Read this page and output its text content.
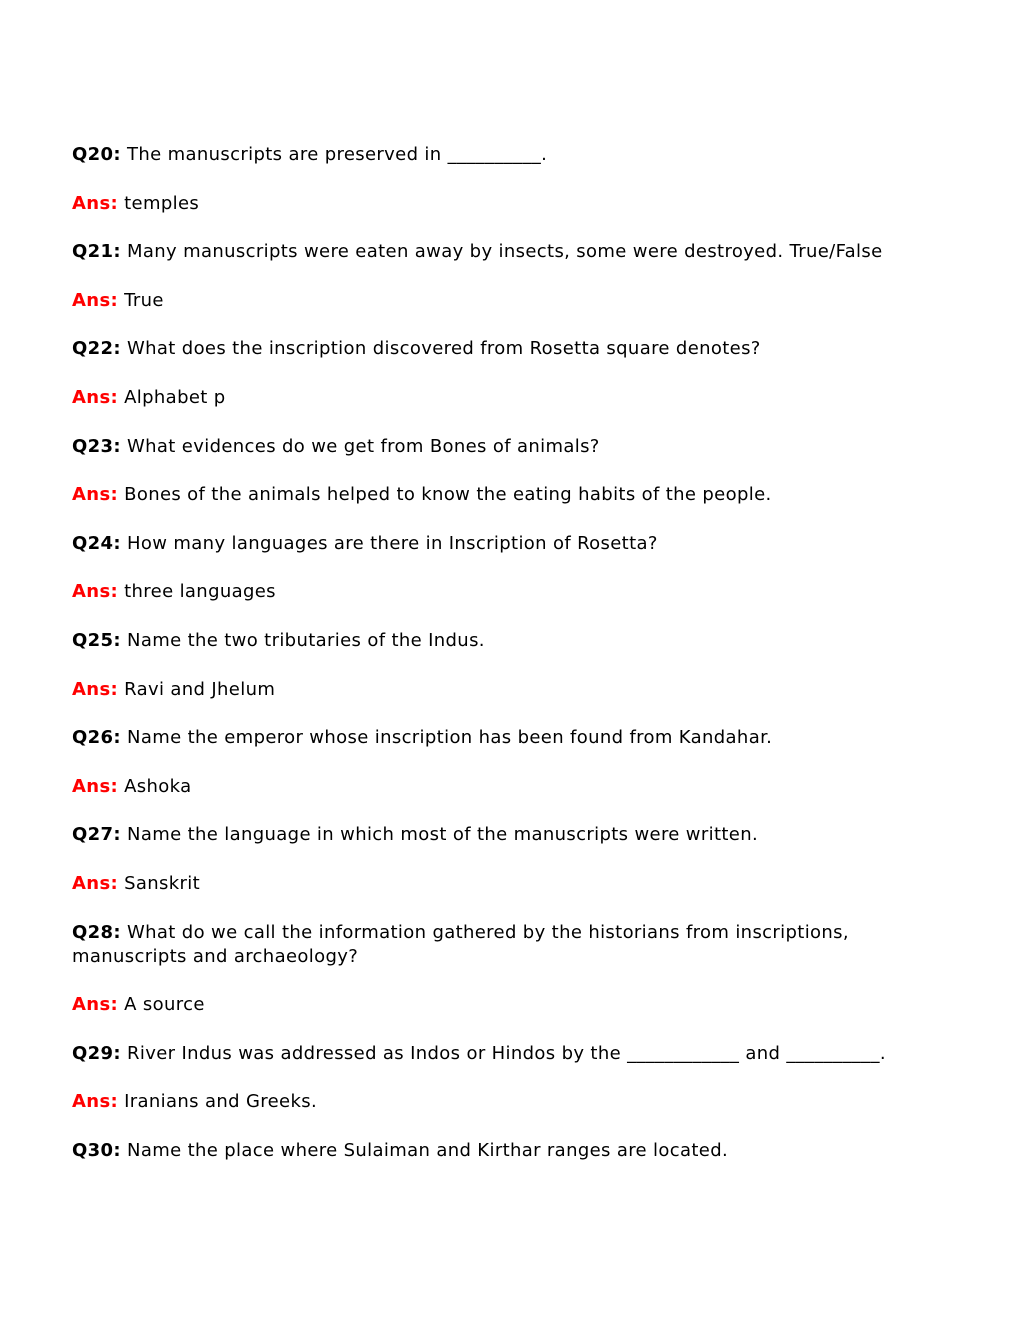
Q20: The manuscripts are preserved in __________.

Ans: temples

Q21: Many manuscripts were eaten away by insects, some were destroyed. True/False

Ans: True

Q22: What does the inscription discovered from Rosetta square denotes?

Ans: Alphabet p

Q23: What evidences do we get from Bones of animals?

Ans: Bones of the animals helped to know the eating habits of the people.

Q24: How many languages are there in Inscription of Rosetta?

Ans: three languages

Q25: Name the two tributaries of the Indus.

Ans: Ravi and Jhelum

Q26: Name the emperor whose inscription has been found from Kandahar.

Ans: Ashoka

Q27: Name the language in which most of the manuscripts were written.

Ans: Sanskrit

Q28: What do we call the information gathered by the historians from inscriptions, manuscripts and archaeology?

Ans: A source

Q29: River Indus was addressed as Indos or Hindos by the ____________ and __________.

Ans: Iranians and Greeks.

Q30: Name the place where Sulaiman and Kirthar ranges are located.
